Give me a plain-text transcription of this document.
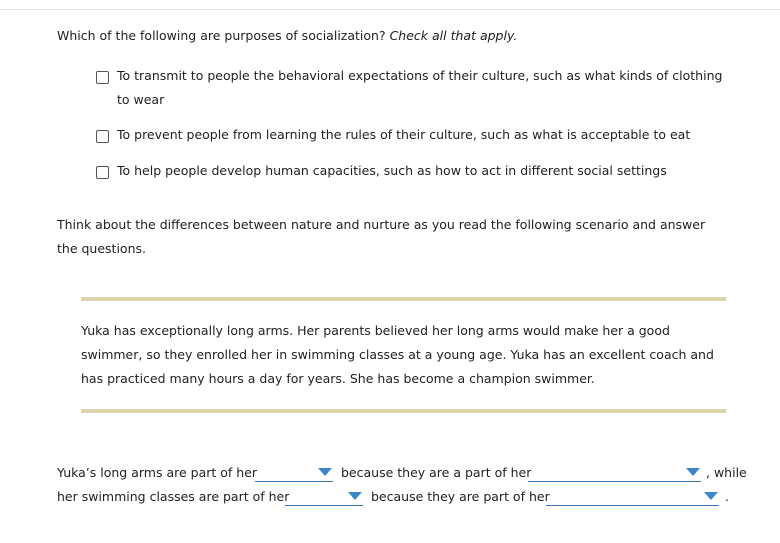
Which of the following are purposes of socialization? Check all that apply.
To transmit to people the behavioral expectations of their culture, such as what kinds of clothing to wear
To prevent people from learning the rules of their culture, such as what is acceptable to eat
To help people develop human capacities, such as how to act in different social settings
Think about the differences between nature and nurture as you read the following scenario and answer the questions.
Yuka has exceptionally long arms. Her parents believed her long arms would make her a good swimmer, so they enrolled her in swimming classes at a young age. Yuka has an excellent coach and has practiced many hours a day for years. She has become a champion swimmer.
Yuka’s long arms are part of her	because they are a part of her	, while
her swimming classes are part of her	because they are part of her	.
